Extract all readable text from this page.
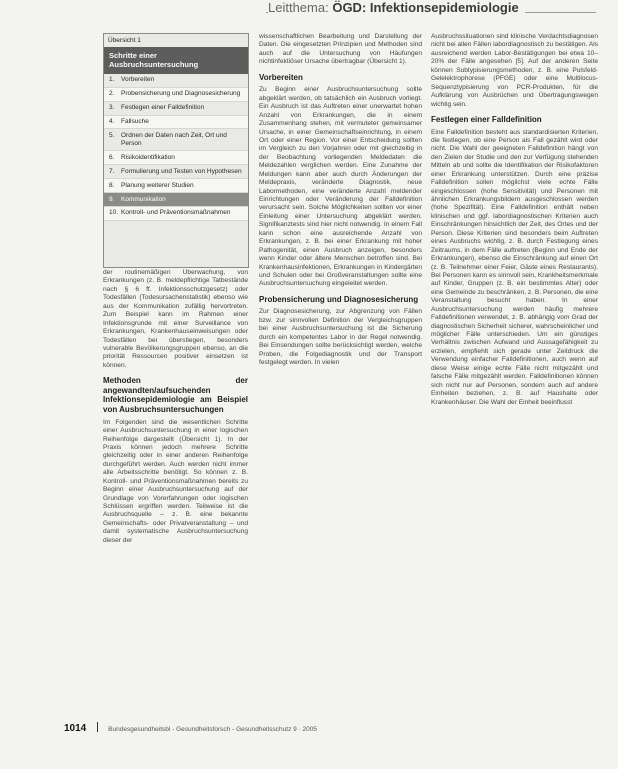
Leitthema: ÖGD: Infektionsepidemiologie
Übersicht 1
Schritte einer Ausbruchsuntersuchung
1.	Vorbereiten
2.	Probensicherung und Diagnosesicherung
3.	Festlegen einer Falldefinition
4.	Fallsuche
5.	Ordnen der Daten nach Zeit, Ort und Person
6.	Risikoidentifikation
7.	Formulierung und Testen von Hypothesen
8.	Planung weiterer Studien
9.	Kommunikation
10. Kontroll- und Präventionsmaßnahmen

der routinemäßigen Überwachung, von Erkrankungen (z. B. meldepflichtige Tatbestände nach § 6 ff. Infektionsschutzgesetz) oder Todesfällen (Todesursachenstatistik) ebenso wie aus der Kommunikation zufällig hervortreten. Zum Beispiel kann im Rahmen einer Infektionsgrunde mit einer Surveillance von Erkrankungen, Krankenhauseinweisungen oder Todesfällen bei überstiegen, besonders vulnerable Bevölkerungsgruppen ebenso, an die priorität Ressourcen positiver einsetzen ist können.

Methoden der angewandten/aufsuchenden Infektionsepidemiologie am Beispiel von Ausbruchsuntersuchungen

Im Folgenden sind die wesentlichen Schritte einer Ausbruchsuntersuchung in einer logischen Reihenfolge dargestellt (Übersicht 1). In der Praxis können jedoch mehrere Schritte gleichzeitig oder in einer anderen Reihenfolge durchgeführt werden. Auch werden nicht immer alle Arbeitsschritte benötigt. So können z. B. Kontroll- und Präventionsmaßnahmen bereits zu Beginn einer Ausbruchsuntersuchung auf der Grundlage von Vorerfahrungen oder logischen Schlüssen ergriffen werden. Teilweise ist die Ausbruchsquelle – z. B. eine bekannte Gemeinschafts- oder Privatveranstaltung – und damit systematische Ausbruchsuntersuchung dieser der

wissenschaftlichen Bearbeitung und Darstellung der Daten. Die eingesetzten Prinzipien und Methoden sind auch auf die Untersuchung von Häufungen nichtinfektiöser Ursache übertragbar (Übersicht 1).

Vorbereiten

Zu Beginn einer Ausbruchsuntersuchung sollte abgeklärt werden, ob tatsächlich ein Ausbruch vorliegt. Ein Ausbruch ist das Auftreten einer unerwartet hohen Anzahl von Erkrankungen, die in einem Zusammenhang stehen, mit vermuteter gemeinsamer Ursache, in einer Gemeinschaftseinrichtung, in einem Ort oder einer Region. Vor einer Entscheidung sollten im Vergleich zu den Vorjahren oder mit gleichzeitig in der Beobachtung vorliegenden Meldedaten die Meldezahlen verglichen werden. Eine Zunahme der Meldungen kann aber auch durch Änderungen der Meldepraxis, veränderte Diagnostik, neue Labormethoden, eine veränderte Anzahl meldender Einrichtungen oder Veränderung der Falldefinition verursacht sein. Solche Möglichkeiten sollten vor einer Einleitung einer Untersuchung abgeklärt werden. Signifikanztests sind hier nicht notwendig. In einem Fall kann schon eine ausreichende Anzahl von Erkrankungen, z. B. bei einer Erkrankung mit hoher Pathogenität, einen Ausbruch anzeigen, besonders wenn Kinder oder ältere Menschen betroffen sind. Bei Krankenhausinfektionen, Erkrankungen in Kindergärten und Schulen oder bei Großveranstaltungen sollte eine Ausbruchsuntersuchung eingeleitet werden.

Probensicherung und Diagnosesicherung

Zur Diagnosesicherung, zur Abgrenzung von Fällen bzw. zur sinnvollen Definition der Vergleichsgruppen bei einer Ausbruchsuntersuchung ist die Sicherung durch ein kompetentes Labor in der Regel notwendig. Bei Einsendungen sollte berücksichtigt werden, welche Proben, die Folgediagnostik und der Transport festgelegt werden. In vielen

Ausbruchssituationen sind klinische Verdachtsdiagnosen nicht bei allen Fällen labordiagnostisch zu bestätigen. Als ausreichend werden Labor-Bestätigungen bei etwa 10–20% der Fälle angesehen [5]. Auf der anderen Seite können Subtypisierungsmethoden, z. B. eine Pulsfeld-Gelelektrophorese (PFGE) oder eine Multilocus-Sequenztypisierung von PCR-Produkten, für die Aufklärung von Ausbrüchen und Übertragungswegen wichtig sein.

Festlegen einer Falldefinition

Eine Falldefinition besteht aus standardisierten Kriterien, die festlegen, ob eine Person als Fall gezählt wird oder nicht. Die Wahl der geeigneten Falldefinition hängt von den Zielen der Studie und den zur Verfügung stehenden Mitteln ab und sollte die Identifikation der Risikofaktoren einer Erkrankung unterstützen. Durch eine präzise Falldefinition sollen möglichst viele echte Fälle eingeschlossen (hohe Sensitivität) und Personen mit ähnlichen Erkrankungsbildern ausgeschlossen werden (hohe Spezifität). Eine Falldefinition enthält neben klinischen und ggf. labordiagnostischen Kriterien auch Einschränkungen hinsichtlich der Zeit, des Ortes und der Person. Diese Kriterien sind besonders beim Auftreten eines Ausbruchs wichtig, z. B. durch Festlegung eines Zeitraums, in dem Fälle auftreten (Beginn und Ende der Erkrankungen), ebenso die Einschränkung auf einen Ort (z. B. Teilnehmer einer Feier, Gäste eines Restaurants). Bei Personen kann es sinnvoll sein, Krankheitsmerkmale auf Kinder, Gruppen (z. B. ein bestimmtes Alter) oder eine Gemeinde zu beschränken, z. B. Personen, die eine Veranstaltung besucht haben. In einer Ausbruchsuntersuchung werden häufig mehrere Falldefinitionen verwendet, z. B. abhängig vom Grad der diagnostischen Sicherheit sicherer, wahrscheinlicher und möglicher Fälle unterschieden. Um ein günstiges Verhältnis zwischen Aufwand und Aussagefähigkeit zu erzielen, empfiehlt sich gerade unter Zeitdruck die Verwendung einfacher Falldefinitionen, auch wenn auf diese Weise einige echte Fälle nicht mitgezählt und falsche Fälle mitgezählt werden. Falldefinitionen können sich nicht nur auf Personen, sondern auch auf andere Einheiten beziehen, z. B. auf Haushalte oder Krankenhäuser. Die Wahl der Einheit beeinflusst

1014	Bundesgesundheitsbl - Gesundheitsforsch - Gesundheitsschutz 9 · 2005
